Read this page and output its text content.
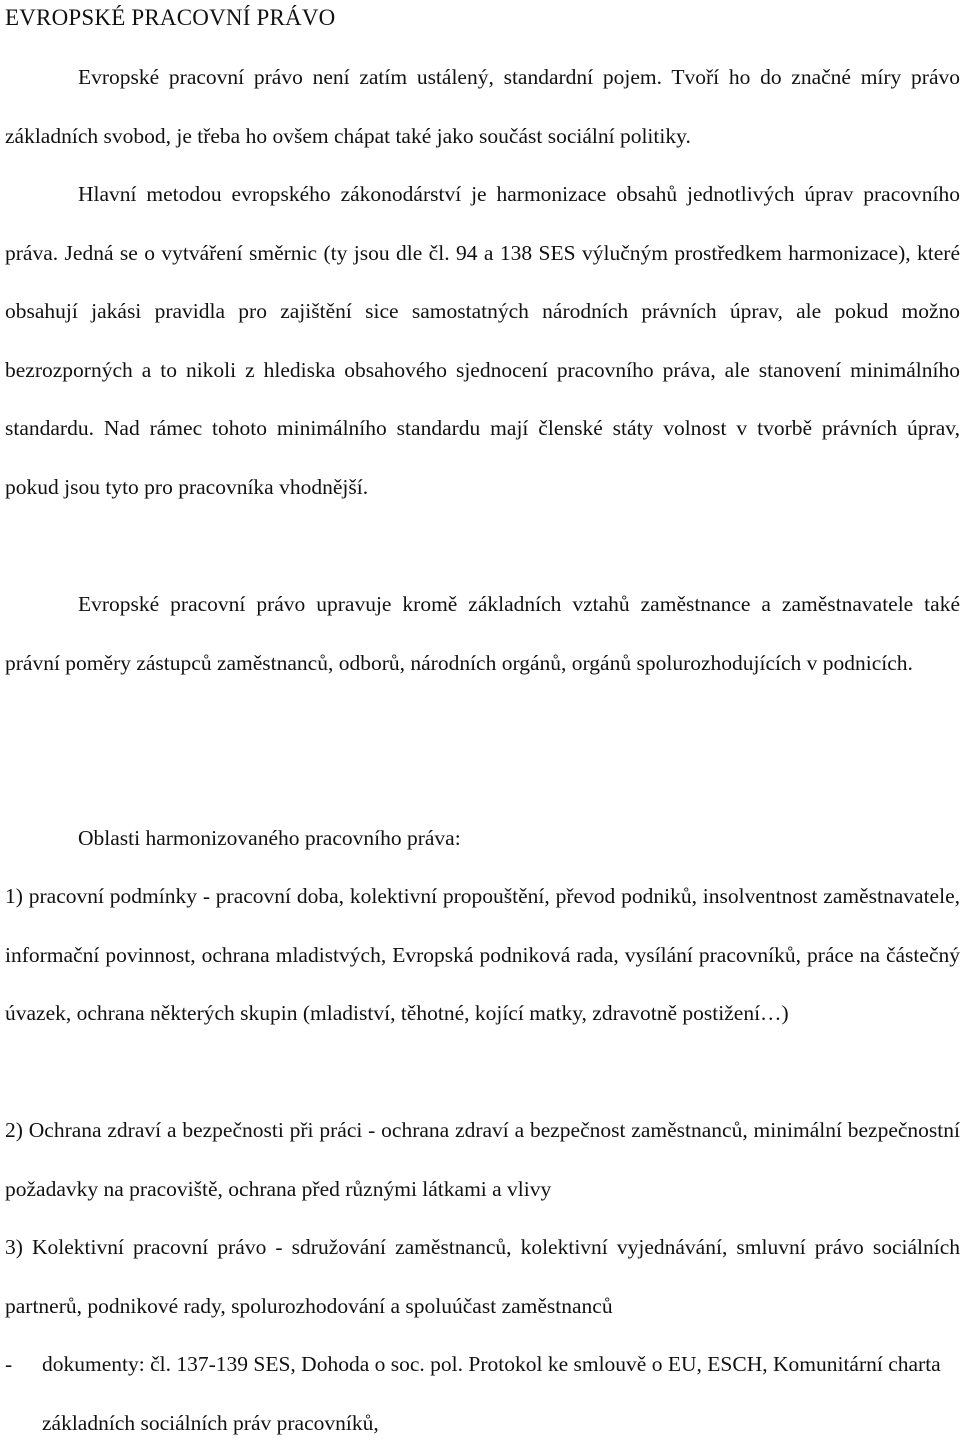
EVROPSKÉ PRACOVNÍ PRÁVO

Evropské pracovní právo není zatím ustálený, standardní pojem. Tvoří ho do značné míry právo základních svobod, je třeba ho ovšem chápat také jako součást sociální politiky.

Hlavní metodou evropského zákonodárství je harmonizace obsahů jednotlivých úprav pracovního práva. Jedná se o vytváření směrnic (ty jsou dle čl. 94 a 138 SES výlučným prostředkem harmonizace), které obsahují jakási pravidla pro zajištění sice samostatných národních právních úprav, ale pokud možno bezrozporných a to nikoli z hlediska obsahového sjednocení pracovního práva, ale stanovení minimálního standardu. Nad rámec tohoto minimálního standardu mají členské státy volnost v tvorbě právních úprav, pokud jsou tyto pro pracovníka vhodnější.

Evropské pracovní právo upravuje kromě základních vztahů zaměstnance a zaměstnavatele také právní poměry zástupců zaměstnanců, odborů, národních orgánů, orgánů spolurozhodujících v podnicích.

Oblasti harmonizovaného pracovního práva:

1) pracovní podmínky - pracovní doba, kolektivní propouštění, převod podniků, insolventnost zaměstnavatele, informační povinnost, ochrana mladistvých, Evropská podniková rada, vysílání pracovníků, práce na částečný úvazek, ochrana některých skupin (mladiství, těhotné, kojící matky, zdravotně postižení…)

2) Ochrana zdraví a bezpečnosti při práci - ochrana zdraví a bezpečnost zaměstnanců, minimální bezpečnostní požadavky na pracoviště, ochrana před různými látkami a vlivy

3) Kolektivní pracovní právo - sdružování zaměstnanců, kolektivní vyjednávání, smluvní právo sociálních partnerů, podnikové rady, spolurozhodování a spoluúčast zaměstnanců

- dokumenty: čl. 137-139 SES, Dohoda o soc. pol. Protokol ke smlouvě o EU, ESCH, Komunitární charta základních sociálních práv pracovníků,
